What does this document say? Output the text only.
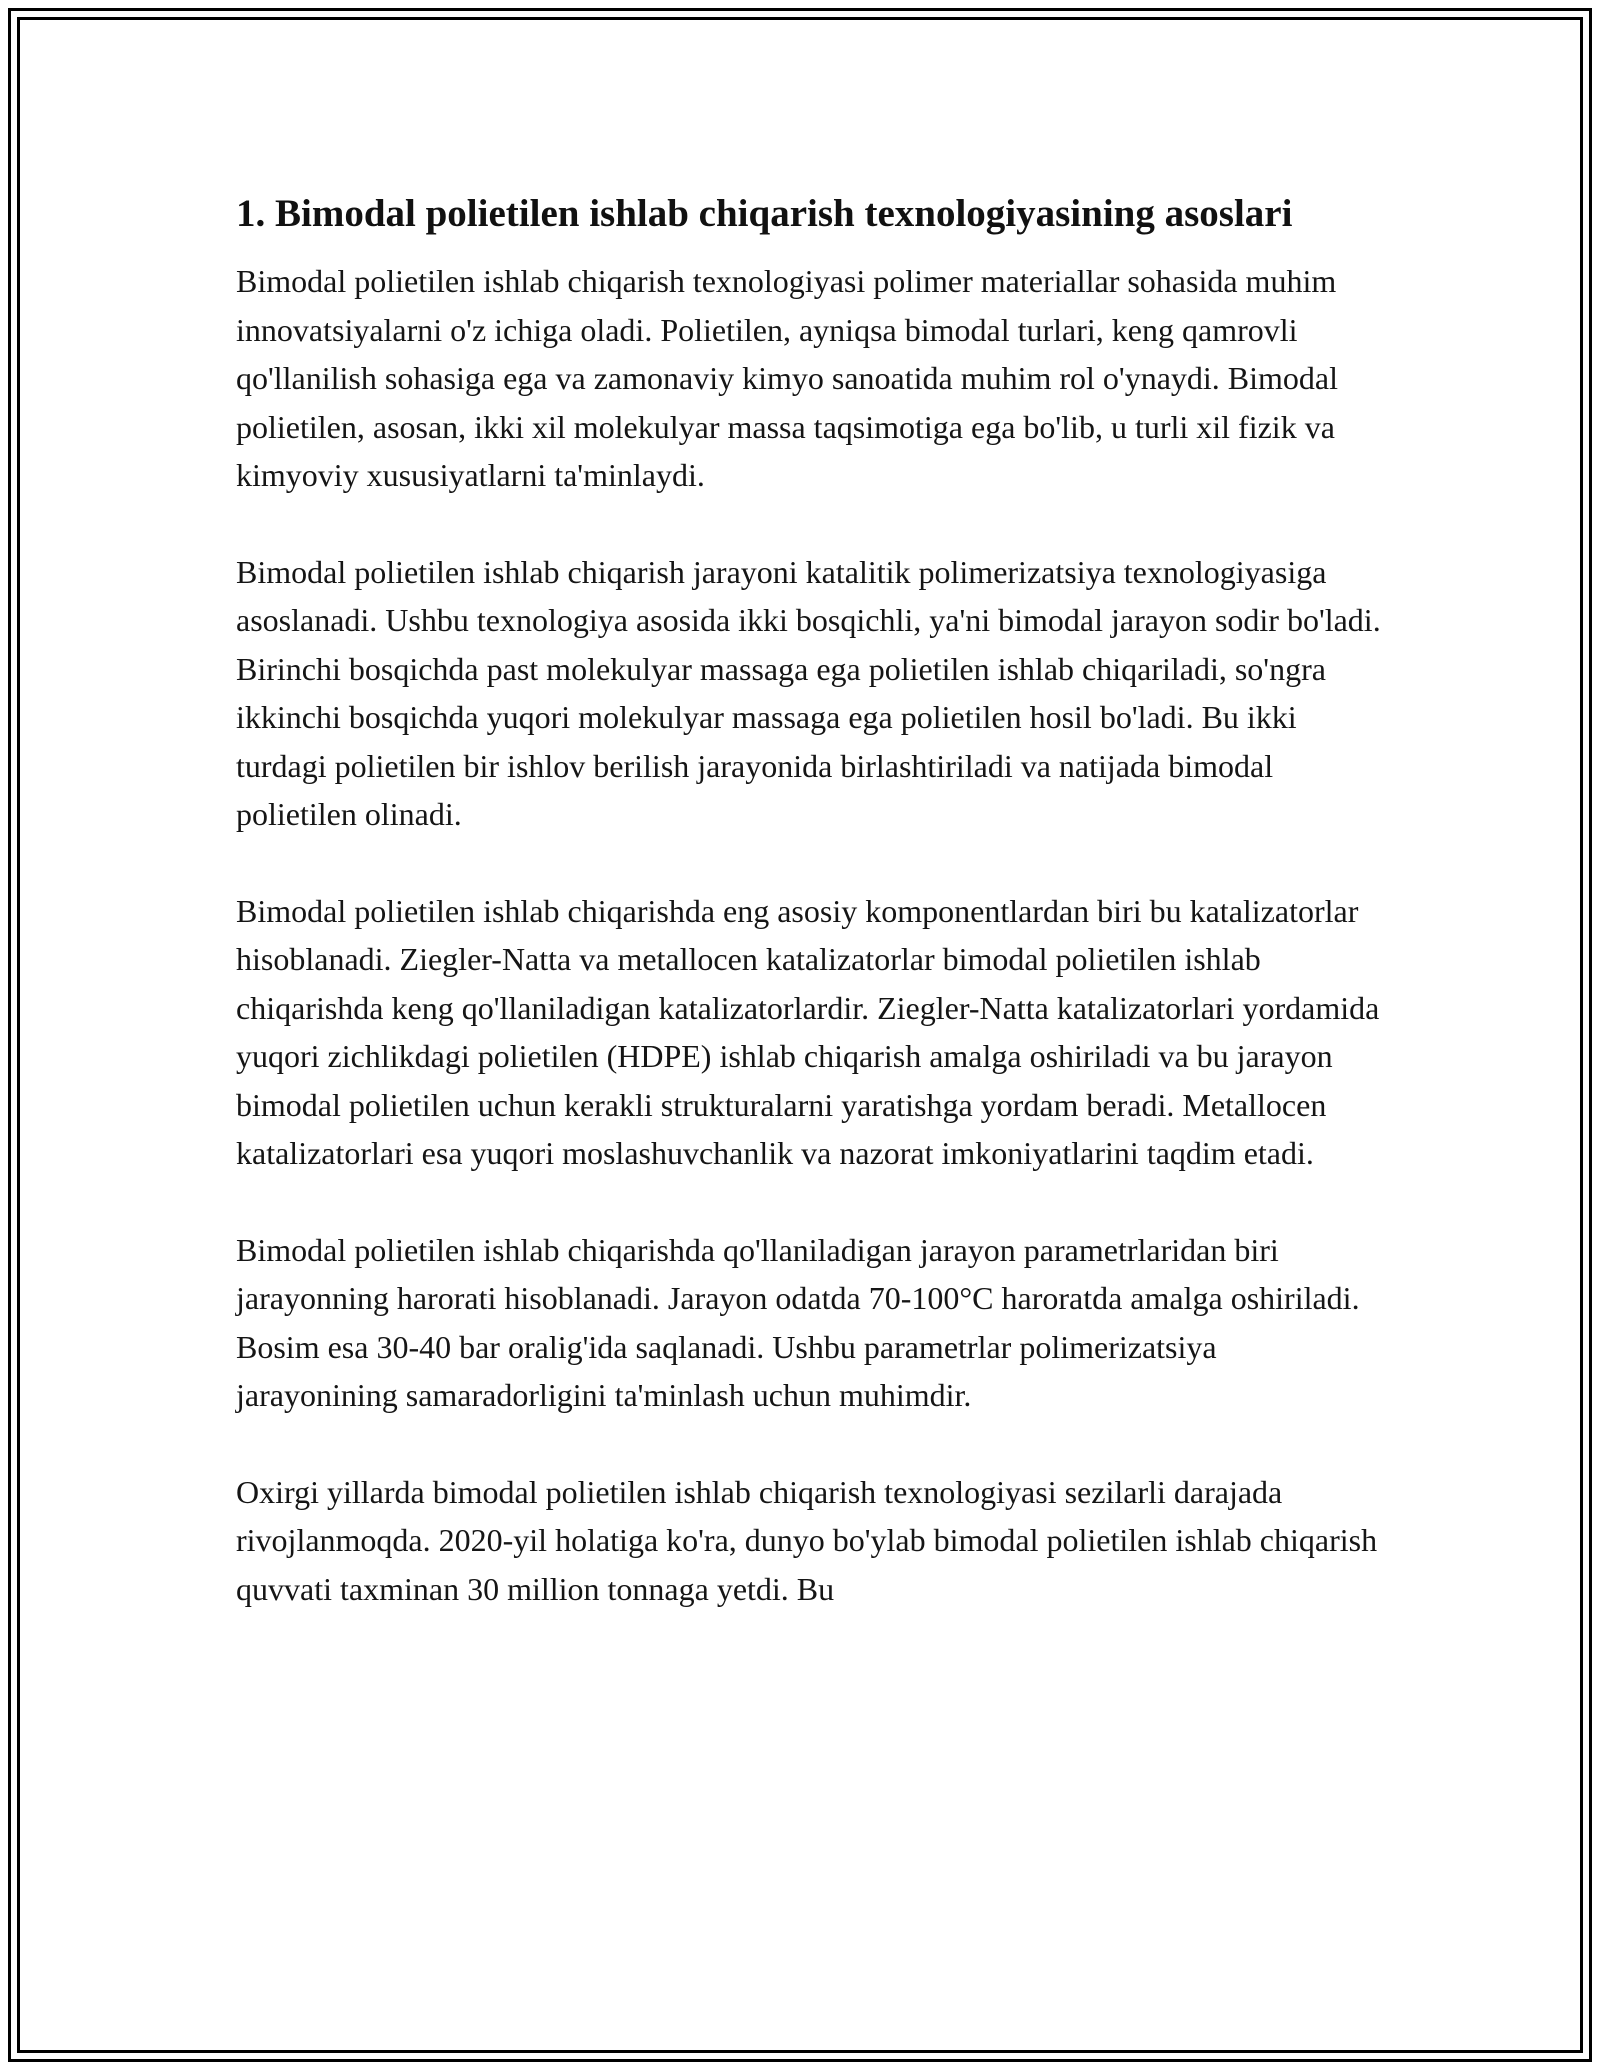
1. Bimodal polietilen ishlab chiqarish texnologiyasining asoslari

Bimodal polietilen ishlab chiqarish texnologiyasi polimer materiallar sohasida muhim innovatsiyalarni o'z ichiga oladi. Polietilen, ayniqsa bimodal turlari, keng qamrovli qo'llanilish sohasiga ega va zamonaviy kimyo sanoatida muhim rol o'ynaydi. Bimodal polietilen, asosan, ikki xil molekulyar massa taqsimotiga ega bo'lib, u turli xil fizik va kimyoviy xususiyatlarni ta'minlaydi.

Bimodal polietilen ishlab chiqarish jarayoni katalitik polimerizatsiya texnologiyasiga asoslanadi. Ushbu texnologiya asosida ikki bosqichli, ya'ni bimodal jarayon sodir bo'ladi. Birinchi bosqichda past molekulyar massaga ega polietilen ishlab chiqariladi, so'ngra ikkinchi bosqichda yuqori molekulyar massaga ega polietilen hosil bo'ladi. Bu ikki turdagi polietilen bir ishlov berilish jarayonida birlashtiriladi va natijada bimodal polietilen olinadi.

Bimodal polietilen ishlab chiqarishda eng asosiy komponentlardan biri bu katalizatorlar hisoblanadi. Ziegler-Natta va metallocen katalizatorlar bimodal polietilen ishlab chiqarishda keng qo'llaniladigan katalizatorlardir. Ziegler-Natta katalizatorlari yordamida yuqori zichlikdagi polietilen (HDPE) ishlab chiqarish amalga oshiriladi va bu jarayon bimodal polietilen uchun kerakli strukturalarni yaratishga yordam beradi. Metallocen katalizatorlari esa yuqori moslashuvchanlik va nazorat imkoniyatlarini taqdim etadi.

Bimodal polietilen ishlab chiqarishda qo'llaniladigan jarayon parametrlaridan biri jarayonning harorati hisoblanadi. Jarayon odatda 70-100°C haroratda amalga oshiriladi. Bosim esa 30-40 bar oralig'ida saqlanadi. Ushbu parametrlar polimerizatsiya jarayonining samaradorligini ta'minlash uchun muhimdir.

Oxirgi yillarda bimodal polietilen ishlab chiqarish texnologiyasi sezilarli darajada rivojlanmoqda. 2020-yil holatiga ko'ra, dunyo bo'ylab bimodal polietilen ishlab chiqarish quvvati taxminan 30 million tonnaga yetdi. Bu
